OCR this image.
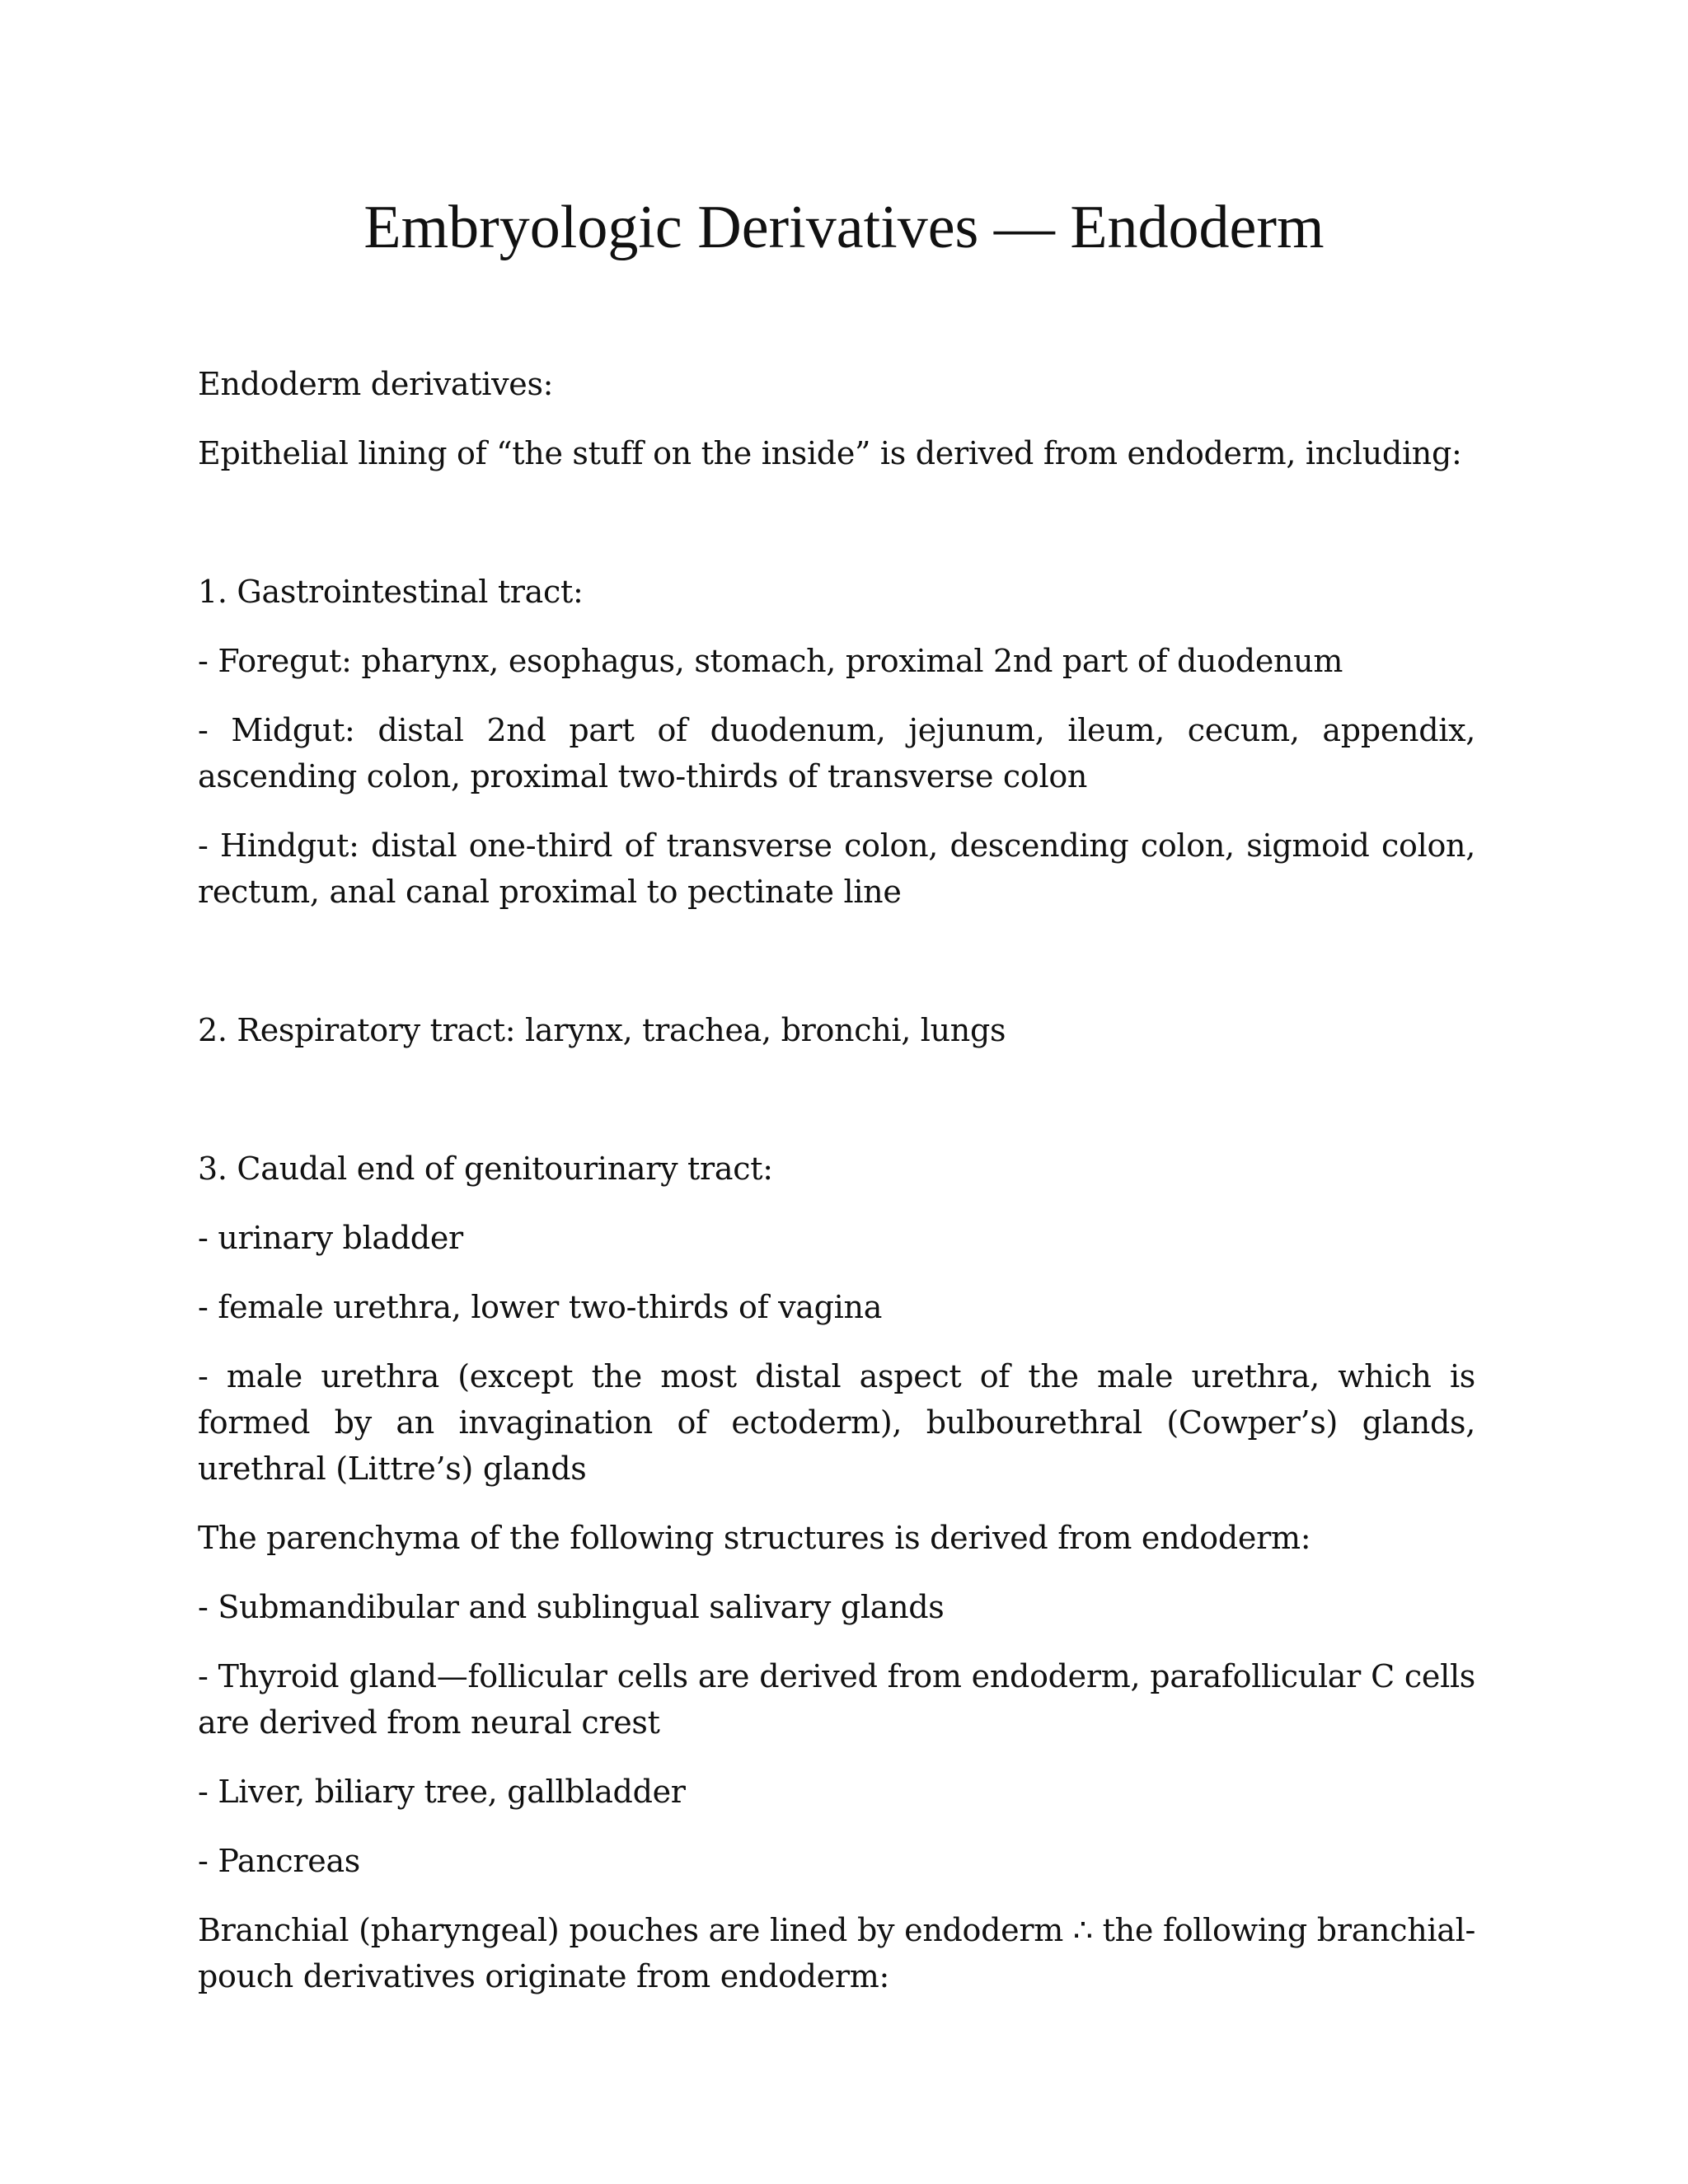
Embryologic Derivatives — Endoderm

Endoderm derivatives:

Epithelial lining of “the stuff on the inside” is derived from endoderm, including:

1. Gastrointestinal tract:

- Foregut: pharynx, esophagus, stomach, proximal 2nd part of duodenum

- Midgut: distal 2nd part of duodenum, jejunum, ileum, cecum, appendix, ascending colon, proximal two-thirds of transverse colon

- Hindgut: distal one-third of transverse colon, descending colon, sigmoid colon, rectum, anal canal proximal to pectinate line

2. Respiratory tract: larynx, trachea, bronchi, lungs

3. Caudal end of genitourinary tract:

- urinary bladder

- female urethra, lower two-thirds of vagina

- male urethra (except the most distal aspect of the male urethra, which is formed by an invagination of ectoderm), bulbourethral (Cowper’s) glands, urethral (Littre’s) glands

The parenchyma of the following structures is derived from endoderm:

- Submandibular and sublingual salivary glands

- Thyroid gland—follicular cells are derived from endoderm, parafollicular C cells are derived from neural crest

- Liver, biliary tree, gallbladder

- Pancreas

Branchial (pharyngeal) pouches are lined by endoderm ∴ the following branchial-pouch derivatives originate from endoderm:
